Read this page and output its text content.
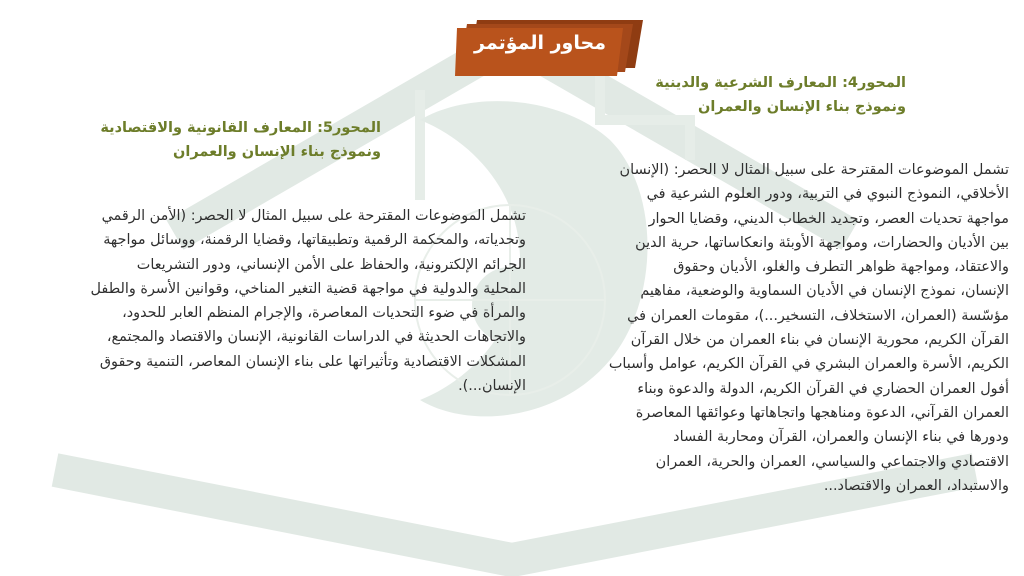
محاور المؤتمر
المحور4: المعارف الشرعية والدينية
ونموذج بناء الإنسان والعمران
تشمل الموضوعات المقترحة على سبيل المثال لا الحصر: (الإنسان
الأخلاقي، النموذج النبوي في التربية، ودور العلوم الشرعية في
مواجهة تحديات العصر، وتجديد الخطاب الديني، وقضايا الحوار
بين الأديان والحضارات، ومواجهة الأوبئة وانعكاساتها، حرية الدين
والاعتقاد، ومواجهة ظواهر التطرف والغلو، الأديان وحقوق
الإنسان، نموذج الإنسان في الأديان السماوية والوضعية، مفاهيم
مؤسّسة (العمران، الاستخلاف، التسخير...)، مقومات العمران في
القرآن الكريم، محورية الإنسان في بناء العمران من خلال القرآن
الكريم، الأسرة والعمران البشري في القرآن الكريم، عوامل وأسباب
أفول العمران الحضاري في القرآن الكريم، الدولة والدعوة وبناء
العمران القرآني، الدعوة ومناهجها واتجاهاتها وعوائقها المعاصرة
ودورها في بناء الإنسان والعمران، القرآن ومحاربة الفساد
الاقتصادي والاجتماعي والسياسي، العمران والحرية، العمران
والاستبداد، العمران والاقتصاد...
المحور5: المعارف القانونية والاقتصادية
ونموذج بناء الإنسان والعمران
تشمل الموضوعات المقترحة على سبيل المثال لا الحصر: (الأمن الرقمي
وتحدياته، والمحكمة الرقمية وتطبيقاتها، وقضايا الرقمنة، ووسائل مواجهة
الجرائم الإلكترونية، والحفاظ على الأمن الإنساني، ودور التشريعات
المحلية والدولية في مواجهة قضية التغير المناخي، وقوانين الأسرة والطفل
والمرأة في ضوء التحديات المعاصرة، والإجرام المنظم العابر للحدود،
والاتجاهات الحديثة في الدراسات القانونية، الإنسان والاقتصاد والمجتمع،
المشكلات الاقتصادية وتأثيراتها على بناء الإنسان المعاصر، التنمية وحقوق
الإنسان...).
